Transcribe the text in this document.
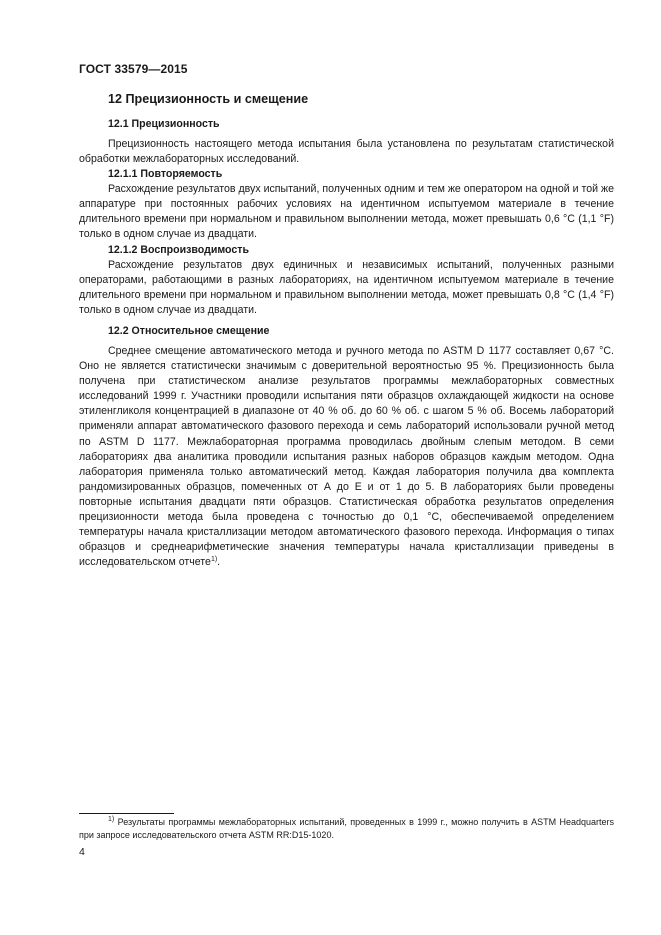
ГОСТ 33579—2015
12 Прецизионность и смещение
12.1 Прецизионность

Прецизионность настоящего метода испытания была установлена по результатам статистической обработки межлабораторных исследований.

12.1.1 Повторяемость

Расхождение результатов двух испытаний, полученных одним и тем же оператором на одной и той же аппаратуре при постоянных рабочих условиях на идентичном испытуемом материале в течение длительного времени при нормальном и правильном выполнении метода, может превышать 0,6 °С (1,1 °F) только в одном случае из двадцати.

12.1.2 Воспроизводимость

Расхождение результатов двух единичных и независимых испытаний, полученных разными операторами, работающими в разных лабораториях, на идентичном испытуемом материале в течение длительного времени при нормальном и правильном выполнении метода, может превышать 0,8 °С (1,4 °F) только в одном случае из двадцати.

12.2 Относительное смещение

Среднее смещение автоматического метода и ручного метода по ASTM D 1177 составляет 0,67 °С. Оно не является статистически значимым с доверительной вероятностью 95 %. Прецизионность была получена при статистическом анализе результатов программы межлабораторных совместных исследований 1999 г. Участники проводили испытания пяти образцов охлаждающей жидкости на основе этиленгликоля концентрацией в диапазоне от 40 % об. до 60 % об. с шагом 5 % об. Восемь лабораторий применяли аппарат автоматического фазового перехода и семь лабораторий использовали ручной метод по ASTM D 1177. Межлабораторная программа проводилась двойным слепым методом. В семи лабораториях два аналитика проводили испытания разных наборов образцов каждым методом. Одна лаборатория применяла только автоматический метод. Каждая лаборатория получила два комплекта рандомизированных образцов, помеченных от А до Е и от 1 до 5. В лабораториях были проведены повторные испытания двадцати пяти образцов. Статистическая обработка результатов определения прецизионности метода была проведена с точностью до 0,1 °С, обеспечиваемой определением температуры начала кристаллизации методом автоматического фазового перехода. Информация о типах образцов и среднеарифметические значения температуры начала кристаллизации приведены в исследовательском отчете$^{1)}$.

$^{1)}$ Результаты программы межлабораторных испытаний, проведенных в 1999 г., можно получить в ASTM Headquarters при запросе исследовательского отчета ASTM RR:D15-1020.

4
